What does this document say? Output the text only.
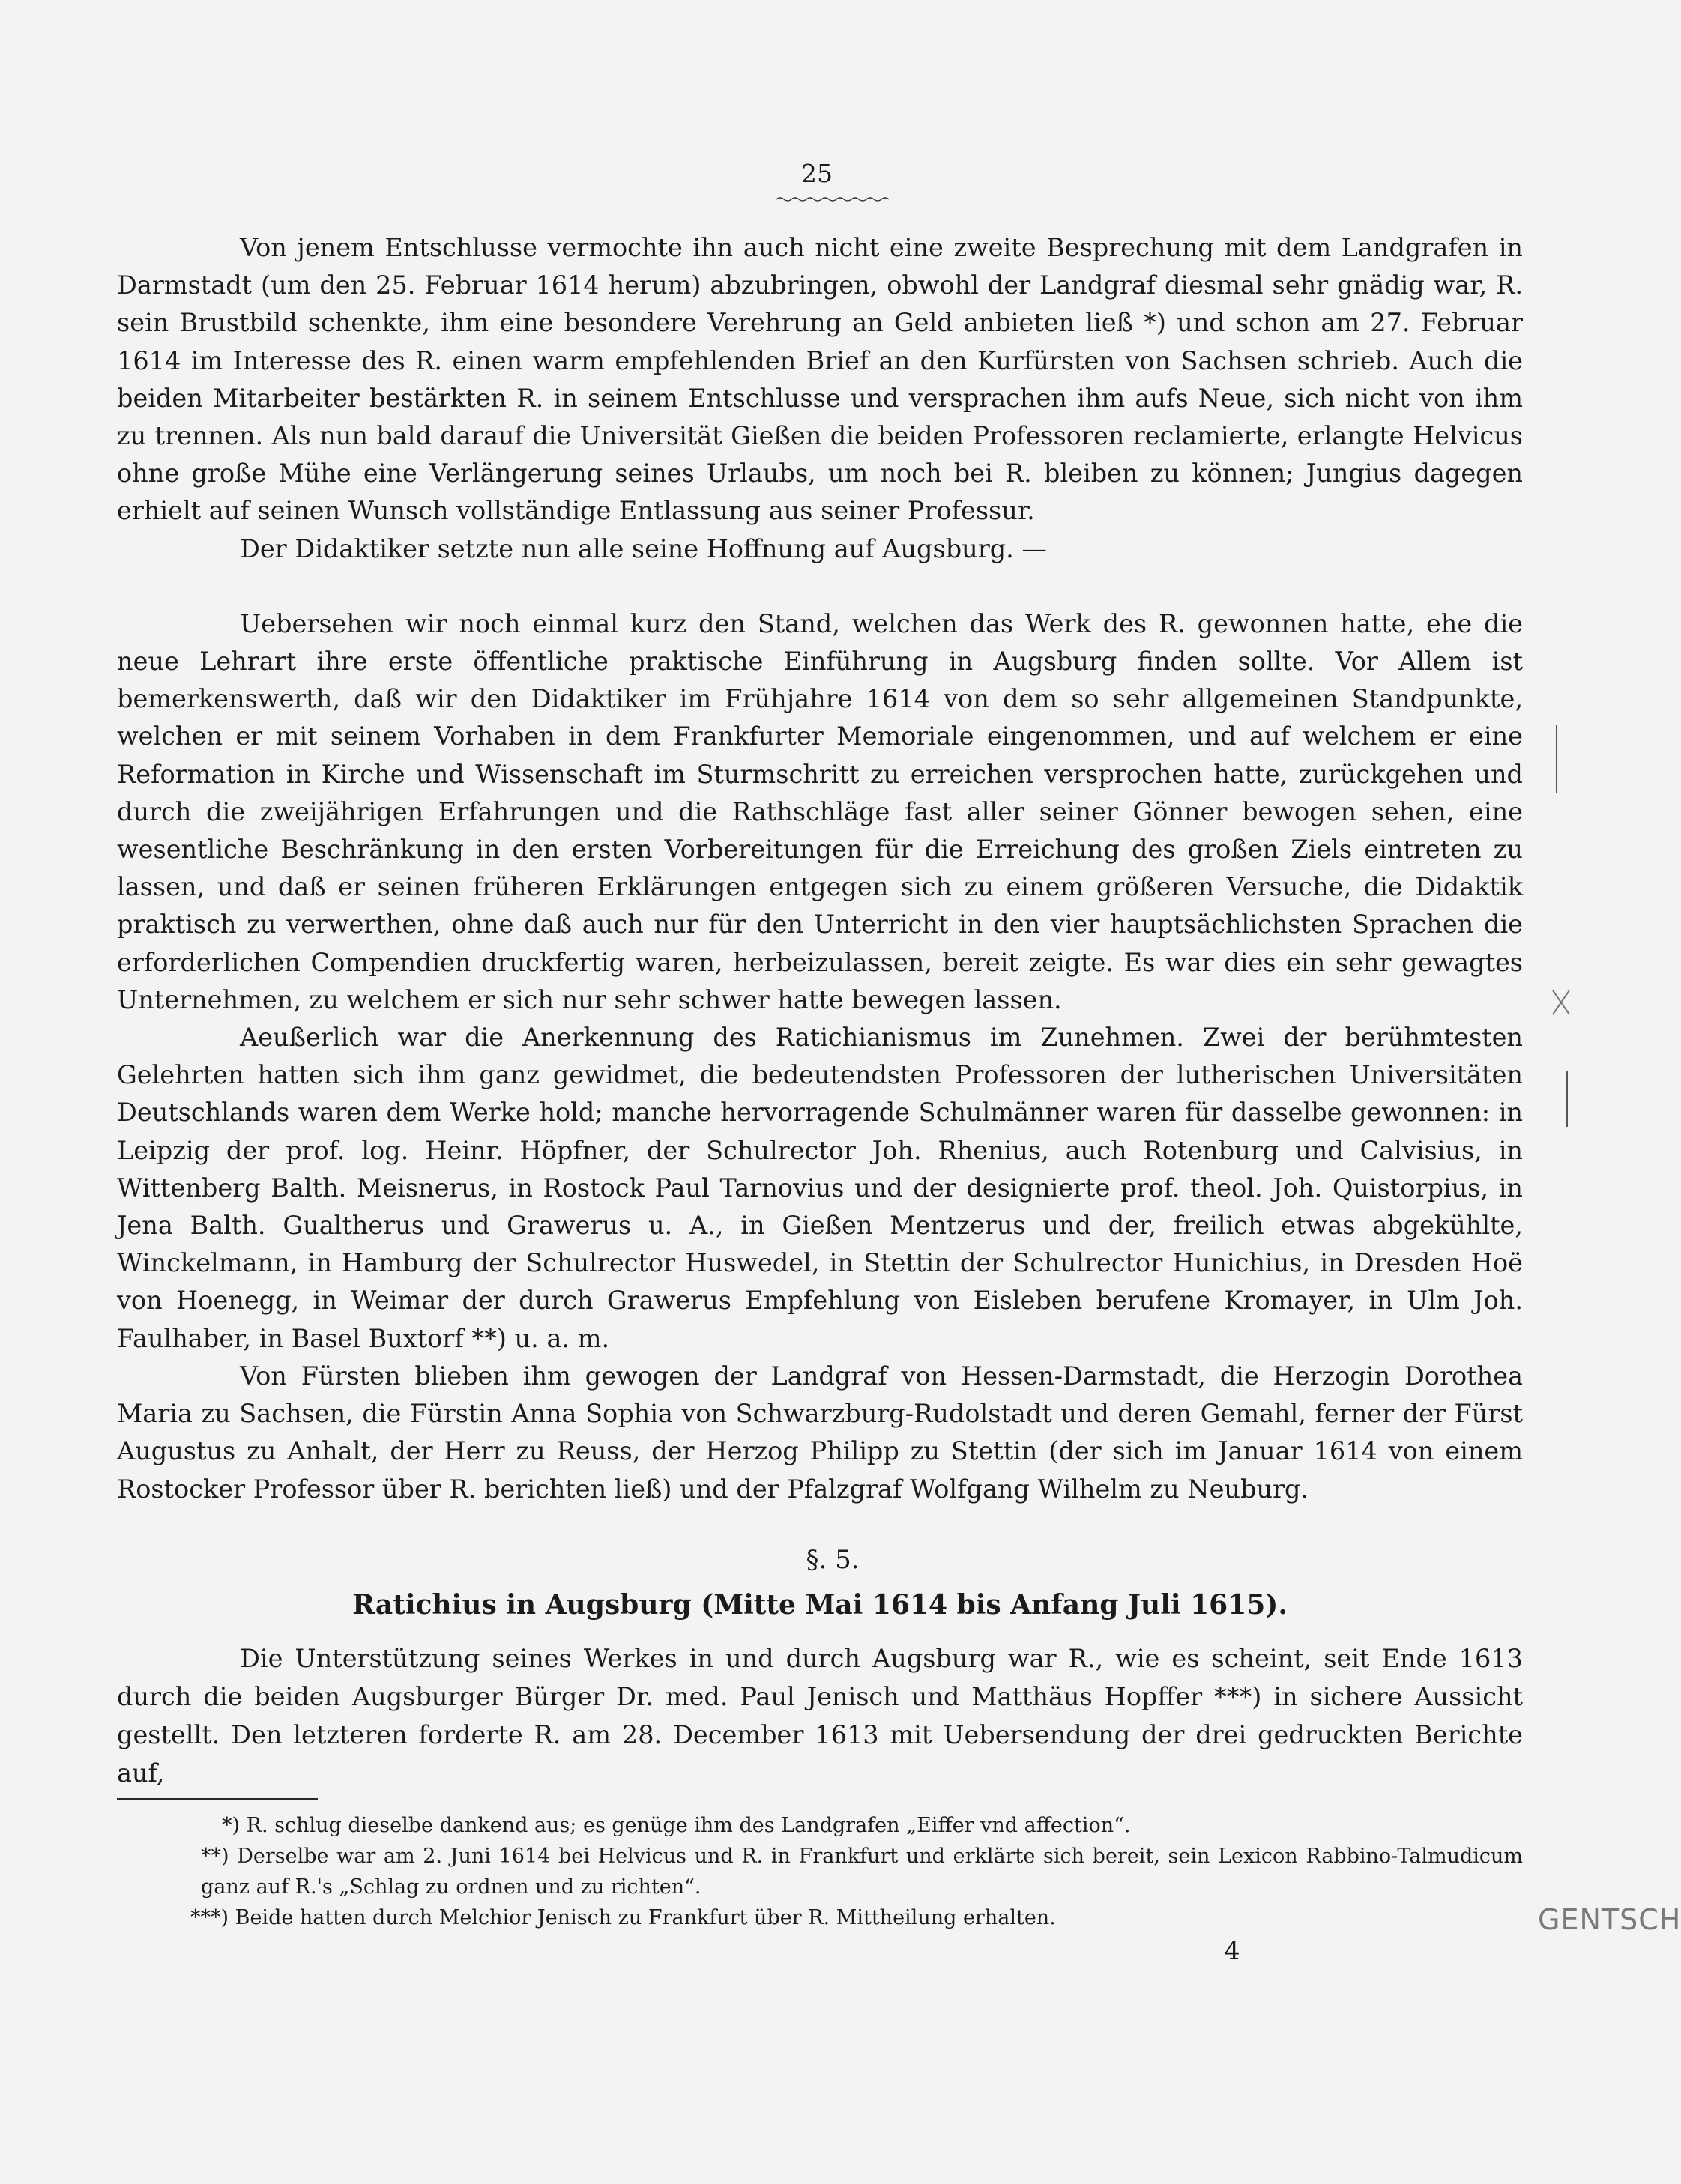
25

Von jenem Entschlusse vermochte ihn auch nicht eine zweite Besprechung mit dem Landgrafen in Darmstadt (um den 25. Februar 1614 herum) abzubringen, obwohl der Landgraf diesmal sehr gnädig war, R. sein Brustbild schenkte, ihm eine besondere Verehrung an Geld anbieten ließ *) und schon am 27. Februar 1614 im Interesse des R. einen warm empfehlenden Brief an den Kurfürsten von Sachsen schrieb. Auch die beiden Mitarbeiter bestärkten R. in seinem Entschlusse und versprachen ihm aufs Neue, sich nicht von ihm zu trennen. Als nun bald darauf die Universität Gießen die beiden Professoren reclamierte, erlangte Helvicus ohne große Mühe eine Verlängerung seines Urlaubs, um noch bei R. bleiben zu können; Jungius dagegen erhielt auf seinen Wunsch vollständige Entlassung aus seiner Professur.

Der Didaktiker setzte nun alle seine Hoffnung auf Augsburg. —

Uebersehen wir noch einmal kurz den Stand, welchen das Werk des R. gewonnen hatte, ehe die neue Lehrart ihre erste öffentliche praktische Einführung in Augsburg finden sollte. Vor Allem ist bemerkenswerth, daß wir den Didaktiker im Frühjahre 1614 von dem so sehr allgemeinen Standpunkte, welchen er mit seinem Vorhaben in dem Frankfurter Memoriale eingenommen, und auf welchem er eine Reformation in Kirche und Wissenschaft im Sturmschritt zu erreichen versprochen hatte, zurückgehen und durch die zweijährigen Erfahrungen und die Rathschläge fast aller seiner Gönner bewogen sehen, eine wesentliche Beschränkung in den ersten Vorbereitungen für die Erreichung des großen Ziels eintreten zu lassen, und daß er seinen früheren Erklärungen entgegen sich zu einem größeren Versuche, die Didaktik praktisch zu verwerthen, ohne daß auch nur für den Unterricht in den vier hauptsächlichsten Sprachen die erforderlichen Compendien druckfertig waren, herbeizulassen, bereit zeigte. Es war dies ein sehr gewagtes Unternehmen, zu welchem er sich nur sehr schwer hatte bewegen lassen.

Aeußerlich war die Anerkennung des Ratichianismus im Zunehmen. Zwei der berühmtesten Gelehrten hatten sich ihm ganz gewidmet, die bedeutendsten Professoren der lutherischen Universitäten Deutschlands waren dem Werke hold; manche hervorragende Schulmänner waren für dasselbe gewonnen: in Leipzig der prof. log. Heinr. Höpfner, der Schulrector Joh. Rhenius, auch Rotenburg und Calvisius, in Wittenberg Balth. Meisnerus, in Rostock Paul Tarnovius und der designierte prof. theol. Joh. Quistorpius, in Jena Balth. Gualtherus und Grawerus u. A., in Gießen Mentzerus und der, freilich etwas abgekühlte, Winckelmann, in Hamburg der Schulrector Huswedel, in Stettin der Schulrector Hunichius, in Dresden Hoë von Hoenegg, in Weimar der durch Grawerus Empfehlung von Eisleben berufene Kromayer, in Ulm Joh. Faulhaber, in Basel Buxtorf **) u. a. m.

Von Fürsten blieben ihm gewogen der Landgraf von Hessen-Darmstadt, die Herzogin Dorothea Maria zu Sachsen, die Fürstin Anna Sophia von Schwarzburg-Rudolstadt und deren Gemahl, ferner der Fürst Augustus zu Anhalt, der Herr zu Reuss, der Herzog Philipp zu Stettin (der sich im Januar 1614 von einem Rostocker Professor über R. berichten ließ) und der Pfalzgraf Wolfgang Wilhelm zu Neuburg.

§. 5.
Ratichius in Augsburg (Mitte Mai 1614 bis Anfang Juli 1615).

Die Unterstützung seines Werkes in und durch Augsburg war R., wie es scheint, seit Ende 1613 durch die beiden Augsburger Bürger Dr. med. Paul Jenisch und Matthäus Hopffer ***) in sichere Aussicht gestellt. Den letzteren forderte R. am 28. December 1613 mit Uebersendung der drei gedruckten Berichte auf,

*) R. schlug dieselbe dankend aus; es genüge ihm des Landgrafen „Eiffer vnd affection“.

**) Derselbe war am 2. Juni 1614 bei Helvicus und R. in Frankfurt und erklärte sich bereit, sein Lexicon Rabbino-Talmudicum ganz auf R.'s „Schlag zu ordnen und zu richten“.

***) Beide hatten durch Melchior Jenisch zu Frankfurt über R. Mittheilung erhalten.

4
GENTSCH
